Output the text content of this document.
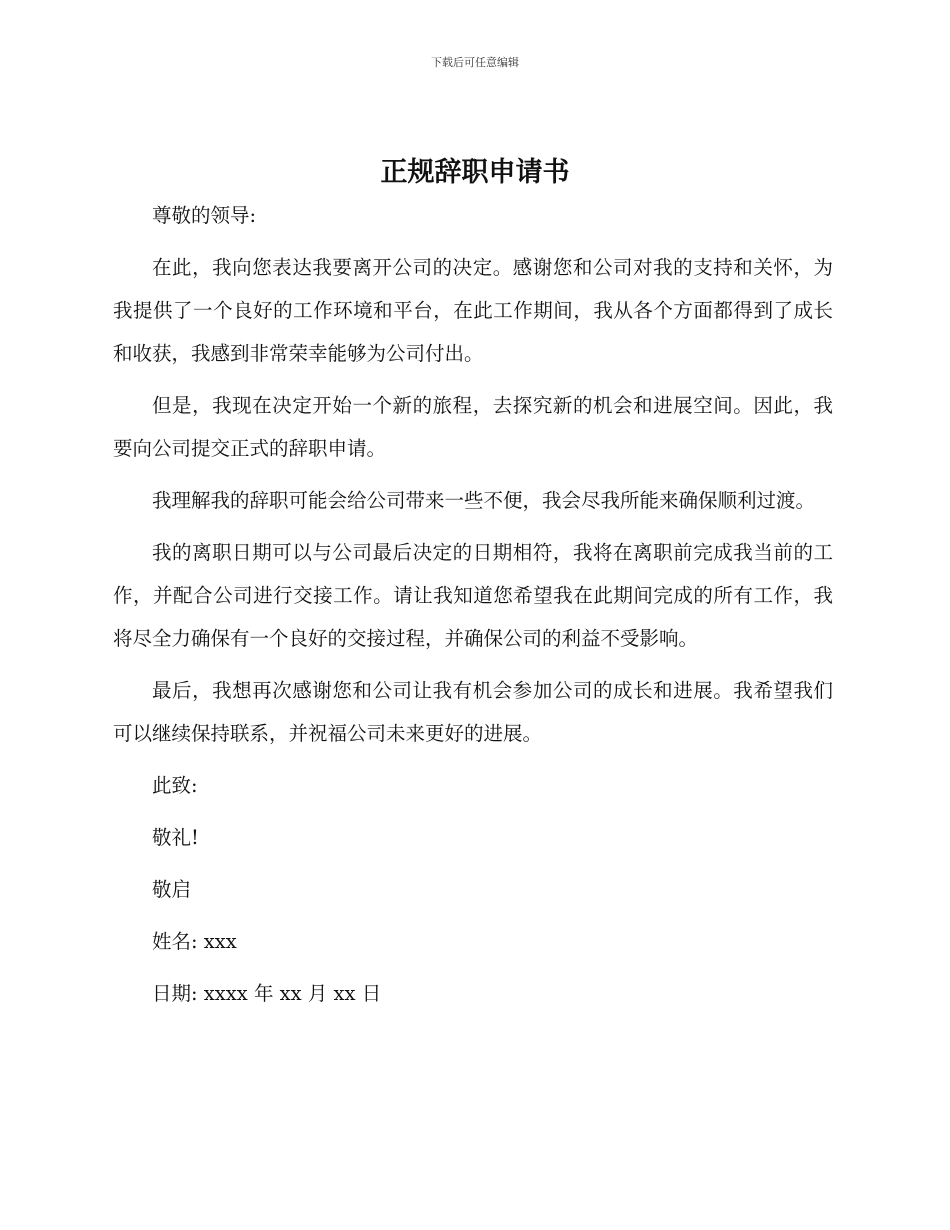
下载后可任意编辑
正规辞职申请书

尊敬的领导:

在此，我向您表达我要离开公司的决定。感谢您和公司对我的支持和关怀，为我提供了一个良好的工作环境和平台，在此工作期间，我从各个方面都得到了成长和收获，我感到非常荣幸能够为公司付出。

但是，我现在决定开始一个新的旅程，去探究新的机会和进展空间。因此，我要向公司提交正式的辞职申请。

我理解我的辞职可能会给公司带来一些不便，我会尽我所能来确保顺利过渡。

我的离职日期可以与公司最后决定的日期相符，我将在离职前完成我当前的工作，并配合公司进行交接工作。请让我知道您希望我在此期间完成的所有工作，我将尽全力确保有一个良好的交接过程，并确保公司的利益不受影响。

最后，我想再次感谢您和公司让我有机会参加公司的成长和进展。我希望我们可以继续保持联系，并祝福公司未来更好的进展。

此致:

敬礼!

敬启

姓名: xxx

日期: xxxx 年 xx 月 xx 日
